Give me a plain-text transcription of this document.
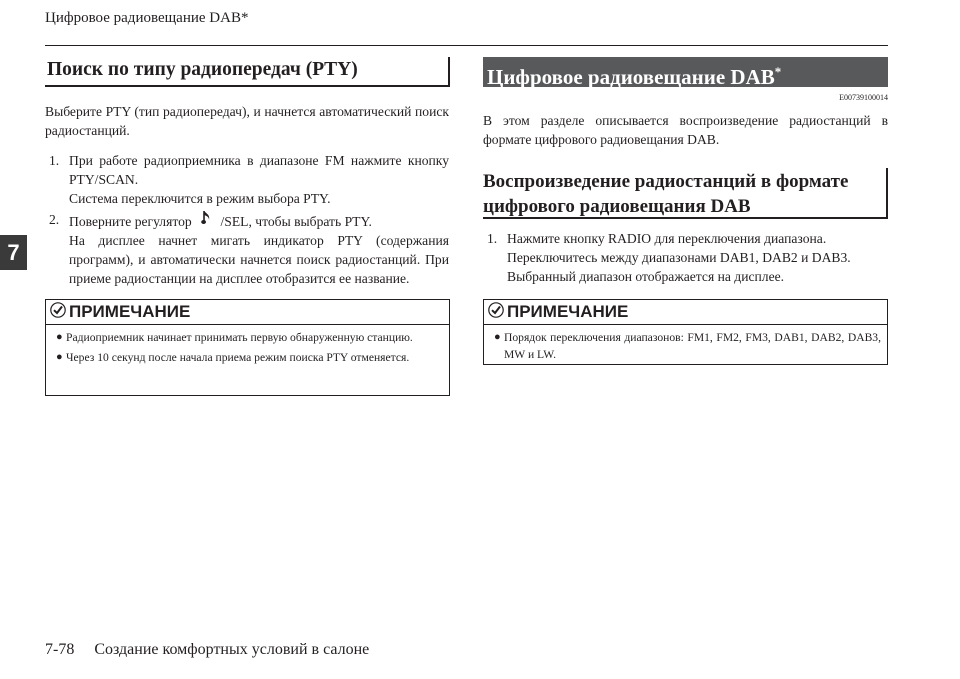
Цифровое радиовещание DAB*
7
Поиск по типу радиопередач (PTY)
Выберите PTY (тип радиопередач), и начнется автоматический поиск радиостанций.
1. При работе радиоприемника в диапазоне FM нажмите кнопку PTY/SCAN.
Система переключится в режим выбора PTY.
2. Поверните регулятор /SEL, чтобы выбрать PTY.
На дисплее начнет мигать индикатор PTY (содержания программ), и автоматически начнется поиск радиостанций. При приеме радиостанции на дисплее отобразится ее название.
ПРИМЕЧАНИЕ
● Радиоприемник начинает принимать первую обнаруженную станцию.
● Через 10 секунд после начала приема режим поиска PTY отменяется.
Цифровое радиовещание DAB*
E00739100014
В этом разделе описывается воспроизведение радиостанций в формате цифрового радиовещания DAB.
Воспроизведение радиостанций в формате
цифрового радиовещания DAB
1. Нажмите кнопку RADIO для переключения диапазона.
Переключитесь между диапазонами DAB1, DAB2 и DAB3.
Выбранный диапазон отображается на дисплее.
ПРИМЕЧАНИЕ
● Порядок переключения диапазонов: FM1, FM2, FM3, DAB1, DAB2, DAB3, MW и LW.
7-78 Создание комфортных условий в салоне
